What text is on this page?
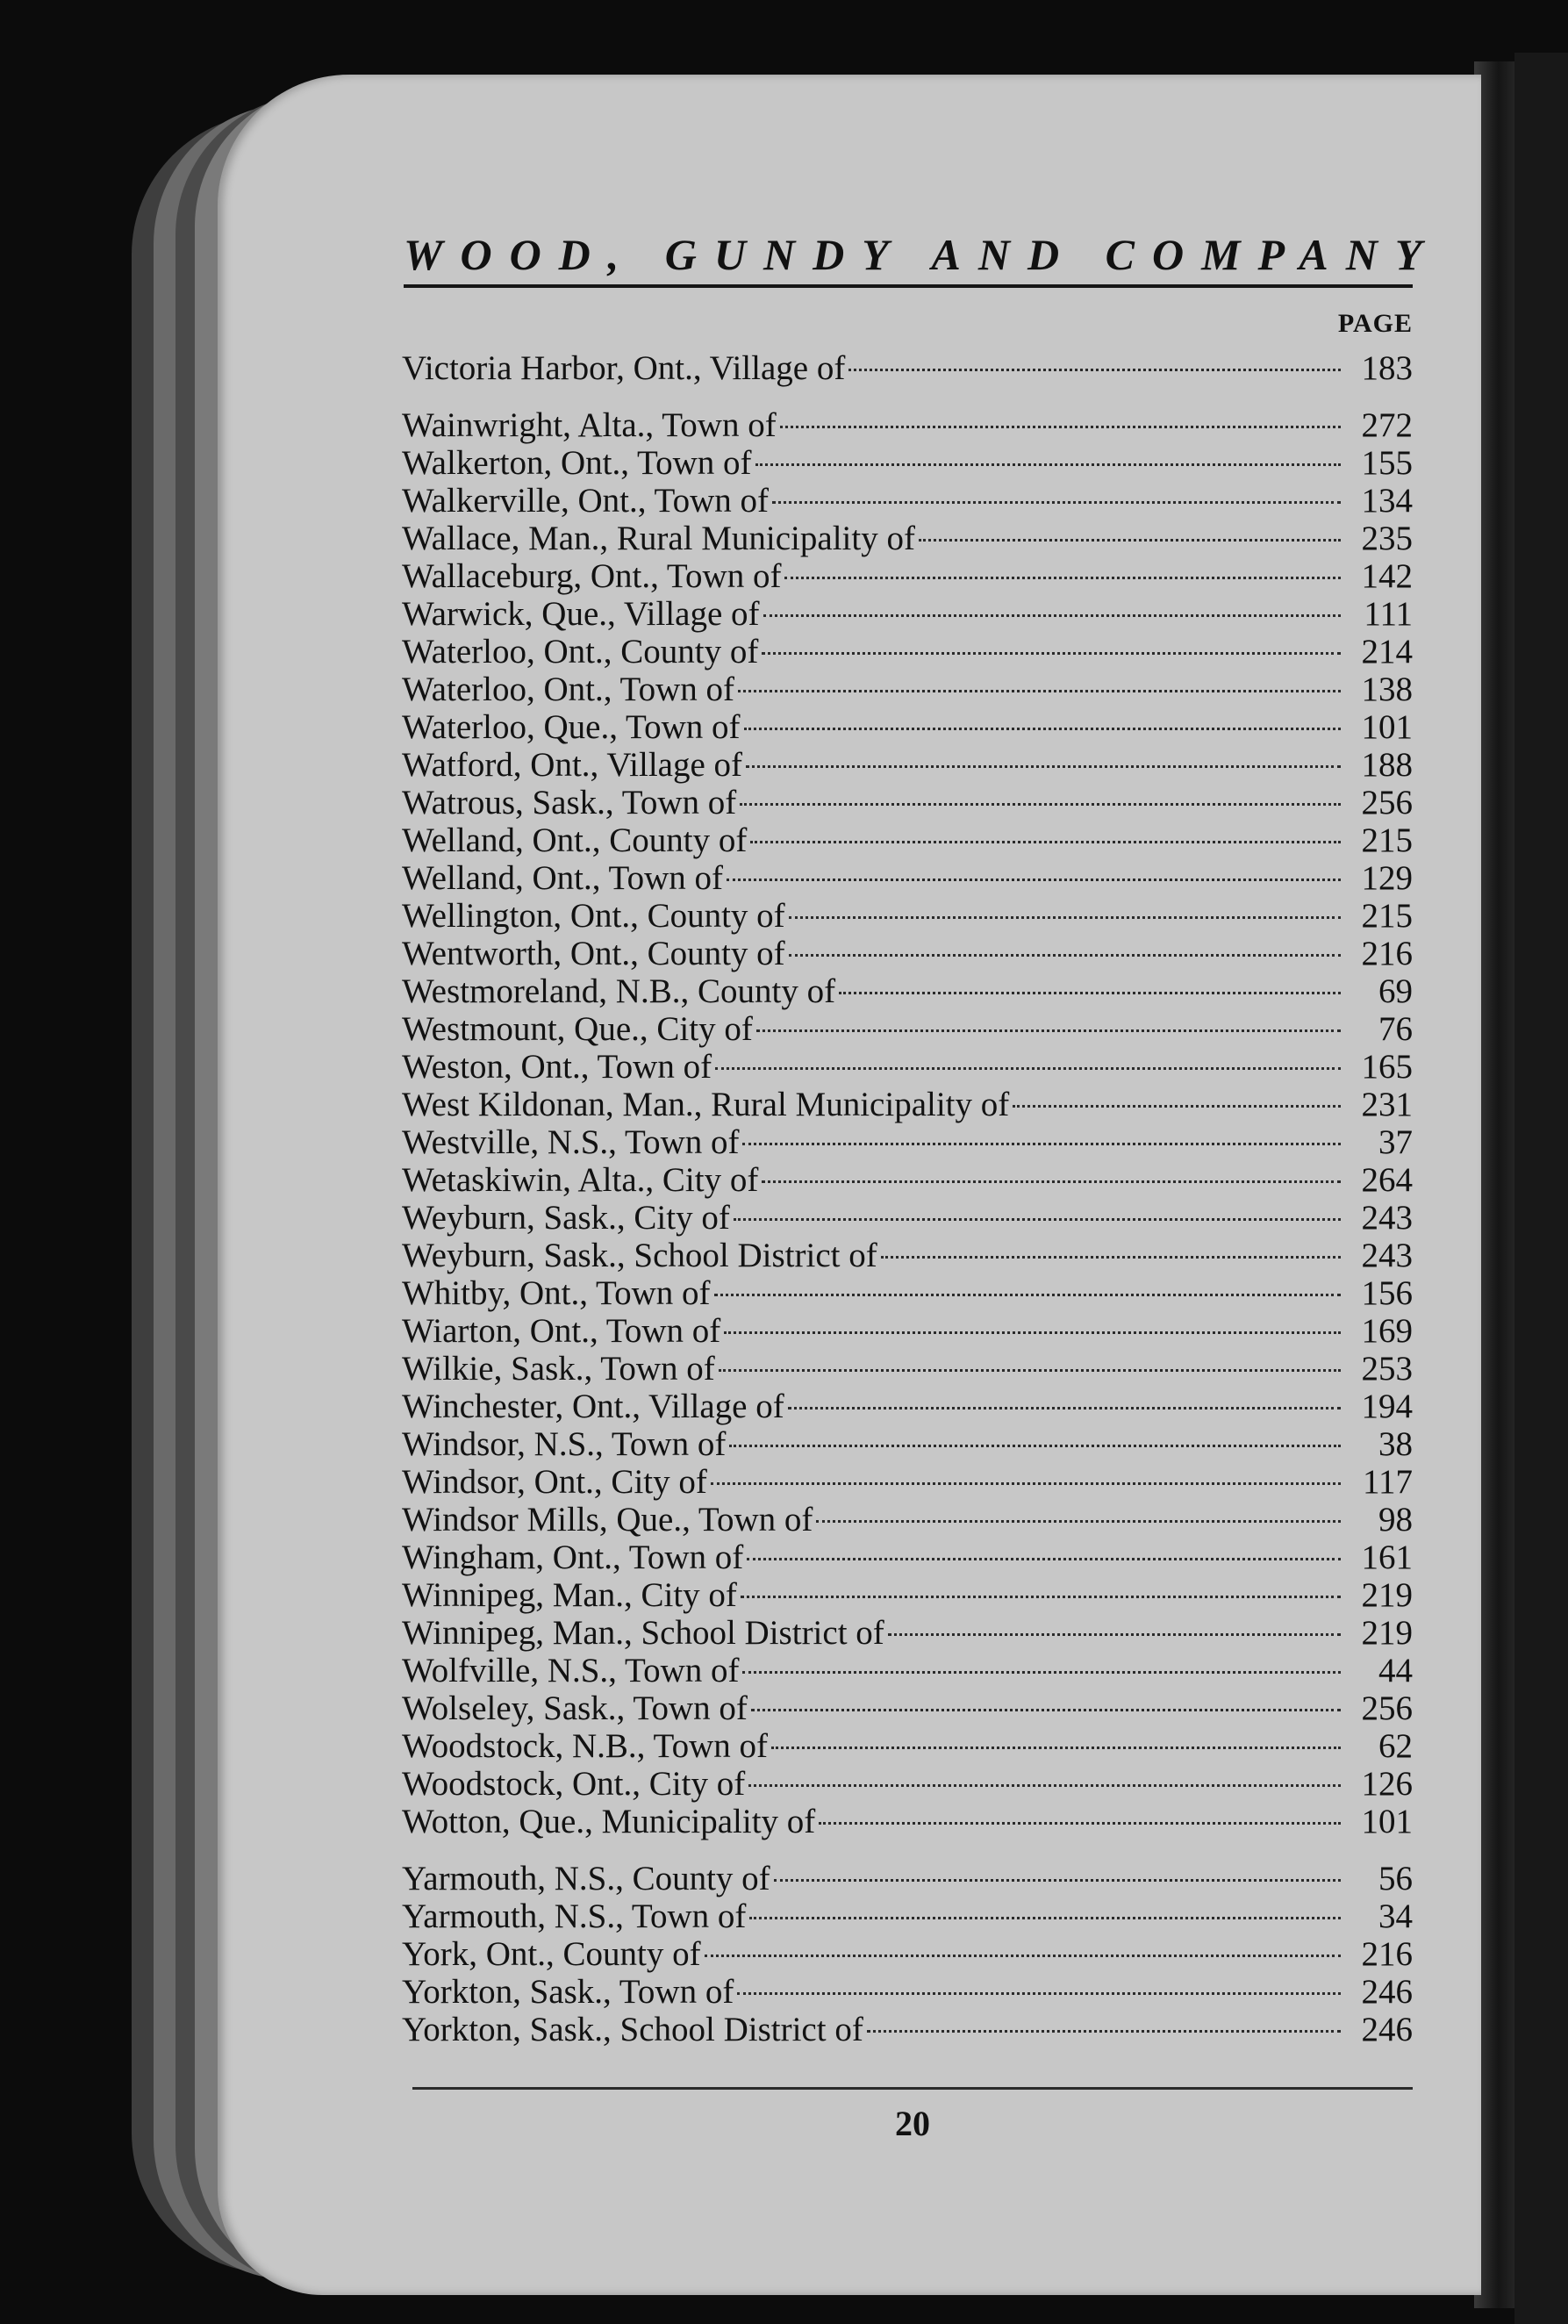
WOOD, GUNDY AND COMPANY
PAGE
Victoria Harbor, Ont., Village of	183
Wainwright, Alta., Town of	272
Walkerton, Ont., Town of	155
Walkerville, Ont., Town of	134
Wallace, Man., Rural Municipality of	235
Wallaceburg, Ont., Town of	142
Warwick, Que., Village of	111
Waterloo, Ont., County of	214
Waterloo, Ont., Town of	138
Waterloo, Que., Town of	101
Watford, Ont., Village of	188
Watrous, Sask., Town of	256
Welland, Ont., County of	215
Welland, Ont., Town of	129
Wellington, Ont., County of	215
Wentworth, Ont., County of	216
Westmoreland, N.B., County of	69
Westmount, Que., City of	76
Weston, Ont., Town of	165
West Kildonan, Man., Rural Municipality of	231
Westville, N.S., Town of	37
Wetaskiwin, Alta., City of	264
Weyburn, Sask., City of	243
Weyburn, Sask., School District of	243
Whitby, Ont., Town of	156
Wiarton, Ont., Town of	169
Wilkie, Sask., Town of	253
Winchester, Ont., Village of	194
Windsor, N.S., Town of	38
Windsor, Ont., City of	117
Windsor Mills, Que., Town of	98
Wingham, Ont., Town of	161
Winnipeg, Man., City of	219
Winnipeg, Man., School District of	219
Wolfville, N.S., Town of	44
Wolseley, Sask., Town of	256
Woodstock, N.B., Town of	62
Woodstock, Ont., City of	126
Wotton, Que., Municipality of	101
Yarmouth, N.S., County of	56
Yarmouth, N.S., Town of	34
York, Ont., County of	216
Yorkton, Sask., Town of	246
Yorkton, Sask., School District of	246
20
